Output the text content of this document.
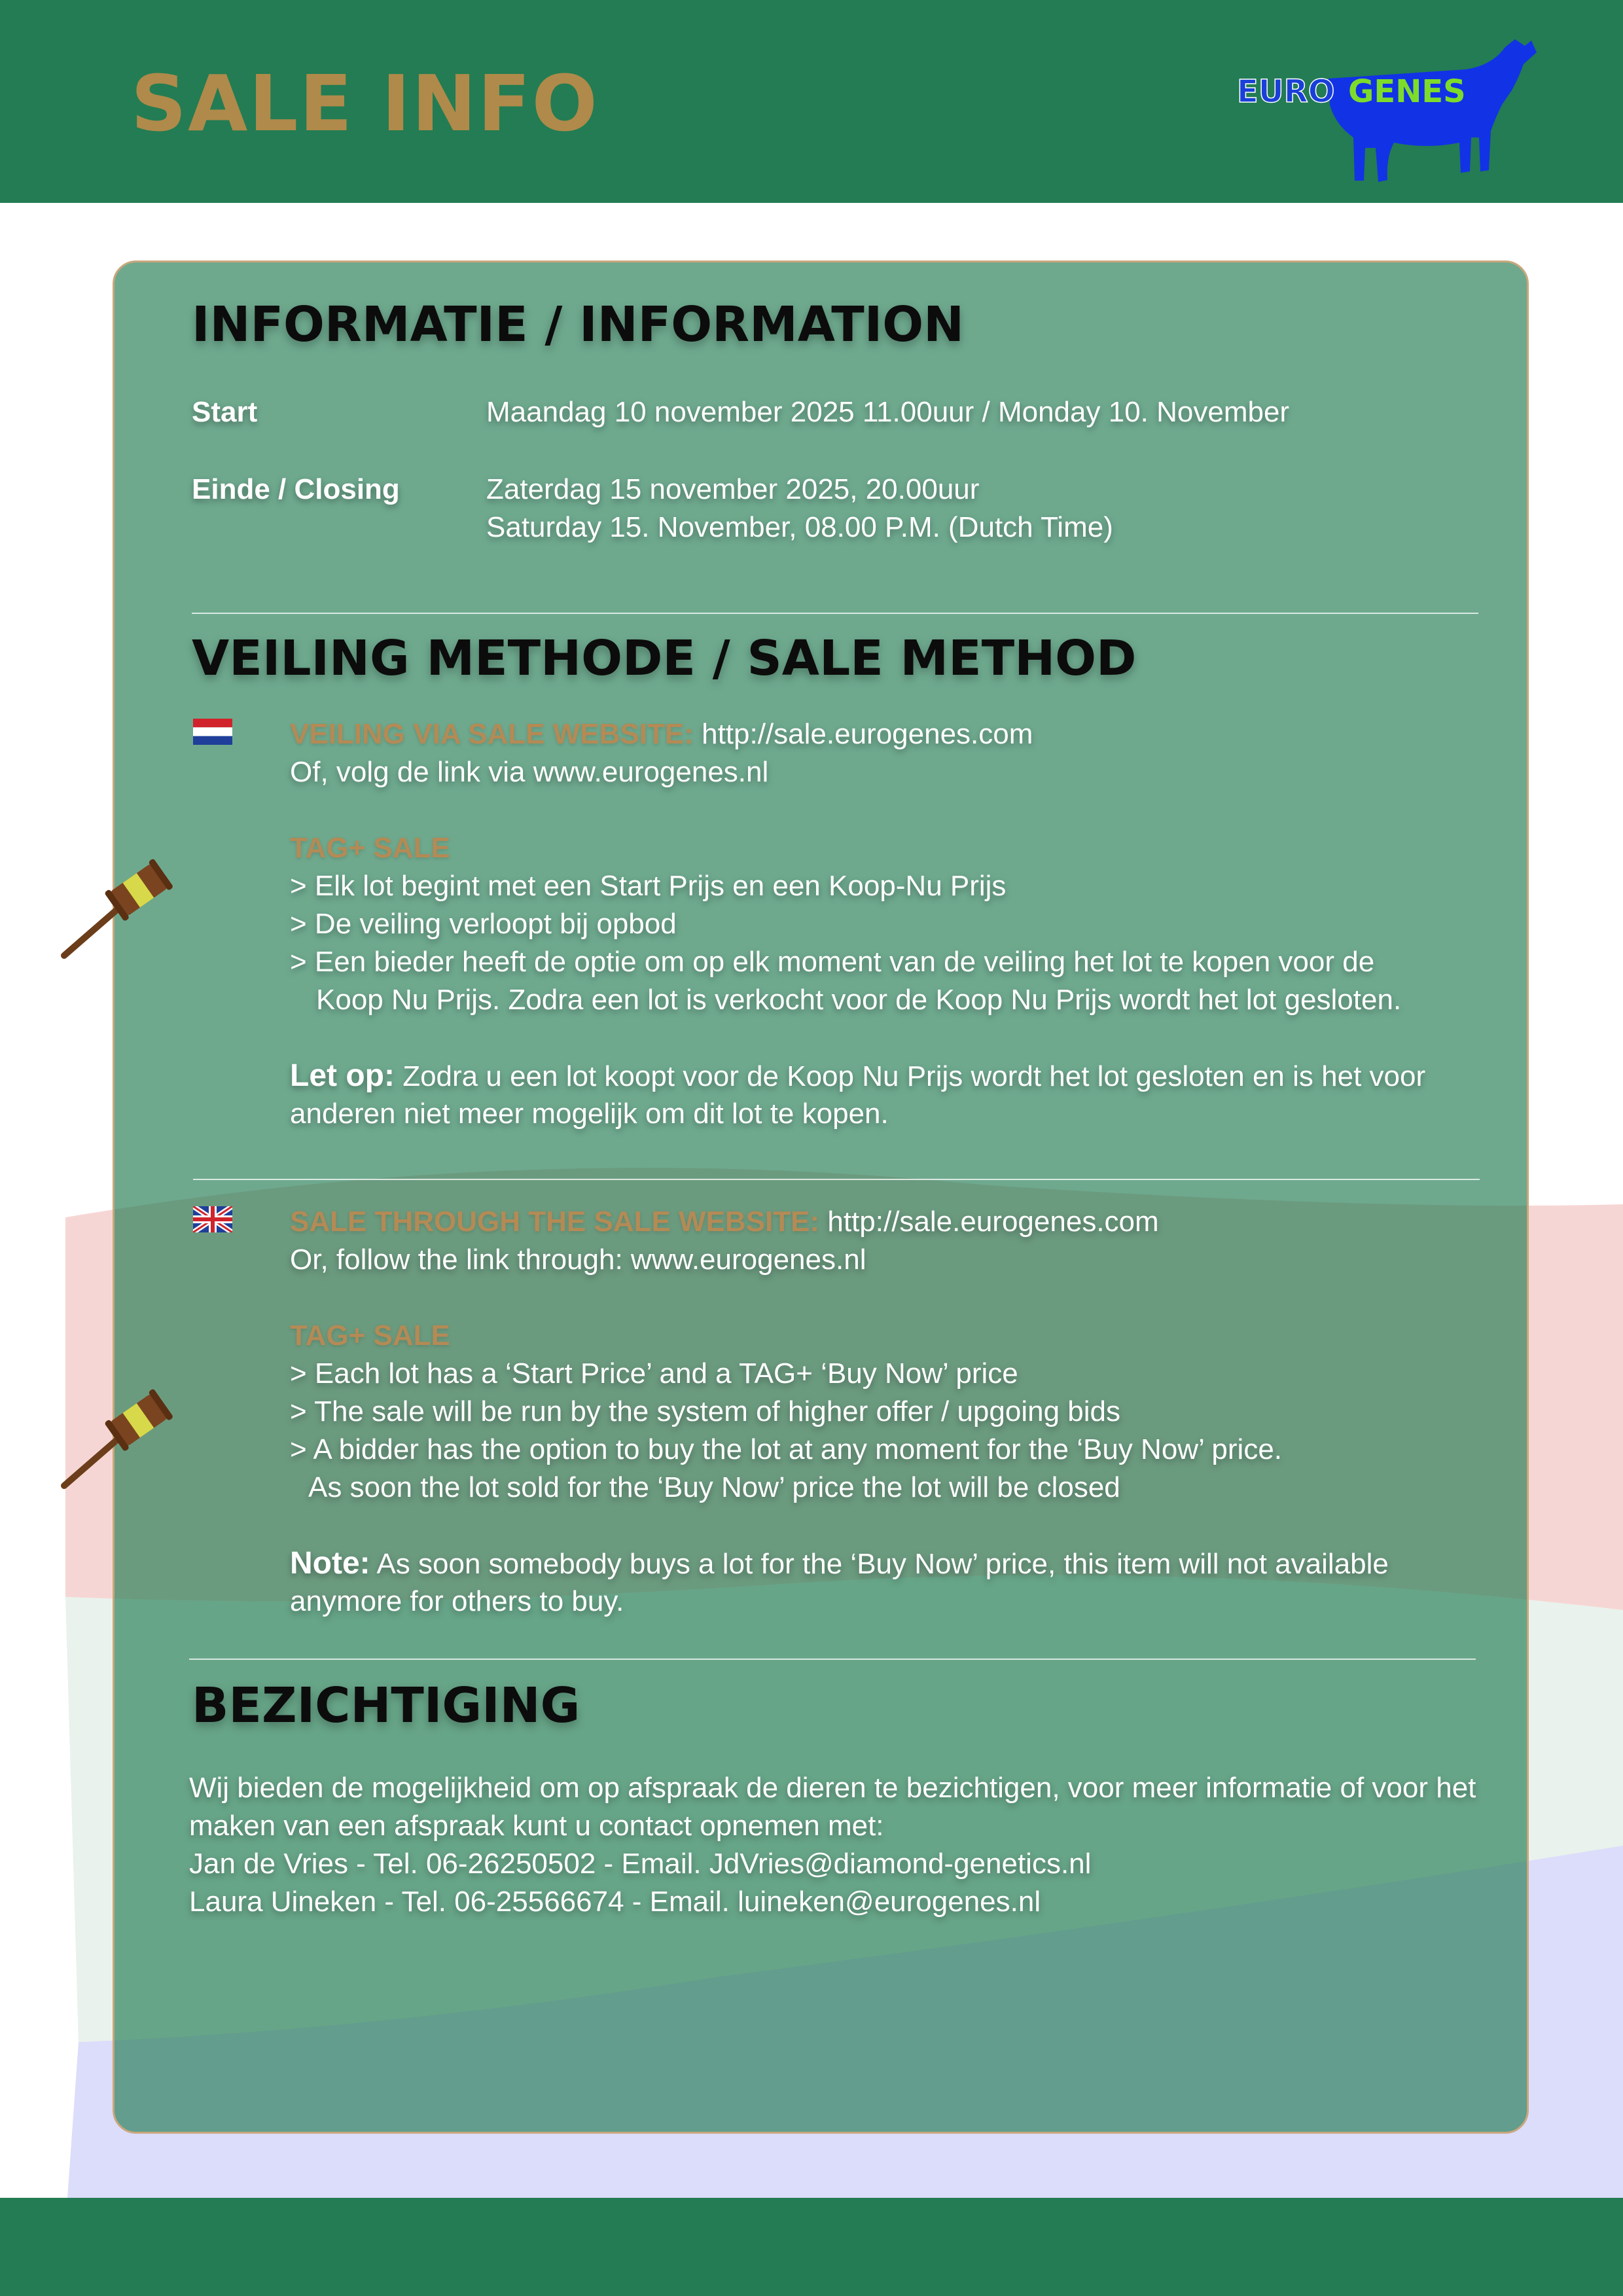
SALE INFO	EURO GENES
INFORMATIE / INFORMATION
Start	Maandag 10 november 2025 11.00uur / Monday 10. November
Einde / Closing	Zaterdag 15 november 2025, 20.00uur
Saturday 15. November, 08.00 P.M. (Dutch Time)
VEILING METHODE / SALE METHOD
VEILING VIA SALE WEBSITE: http://sale.eurogenes.com
Of, volg de link via www.eurogenes.nl
TAG+ SALE
> Elk lot begint met een Start Prijs en een Koop-Nu Prijs
> De veiling verloopt bij opbod
> Een bieder heeft de optie om op elk moment van de veiling het lot te kopen voor de
Koop Nu Prijs. Zodra een lot is verkocht voor de Koop Nu Prijs wordt het lot gesloten.
Let op: Zodra u een lot koopt voor de Koop Nu Prijs wordt het lot gesloten en is het voor
anderen niet meer mogelijk om dit lot te kopen.
SALE THROUGH THE SALE WEBSITE: http://sale.eurogenes.com
Or, follow the link through: www.eurogenes.nl
TAG+ SALE
> Each lot has a ‘Start Price’ and a TAG+ ‘Buy Now’ price
> The sale will be run by the system of higher offer / upgoing bids
> A bidder has the option to buy the lot at any moment for the ‘Buy Now’ price.
As soon the lot sold for the ‘Buy Now’ price the lot will be closed
Note: As soon somebody buys a lot for the ‘Buy Now’ price, this item will not available
anymore for others to buy.
BEZICHTIGING
Wij bieden de mogelijkheid om op afspraak de dieren te bezichtigen, voor meer informatie of voor het
maken van een afspraak kunt u contact opnemen met:
Jan de Vries - Tel. 06-26250502 - Email. JdVries@diamond-genetics.nl
Laura Uineken - Tel. 06-25566674 - Email. luineken@eurogenes.nl
